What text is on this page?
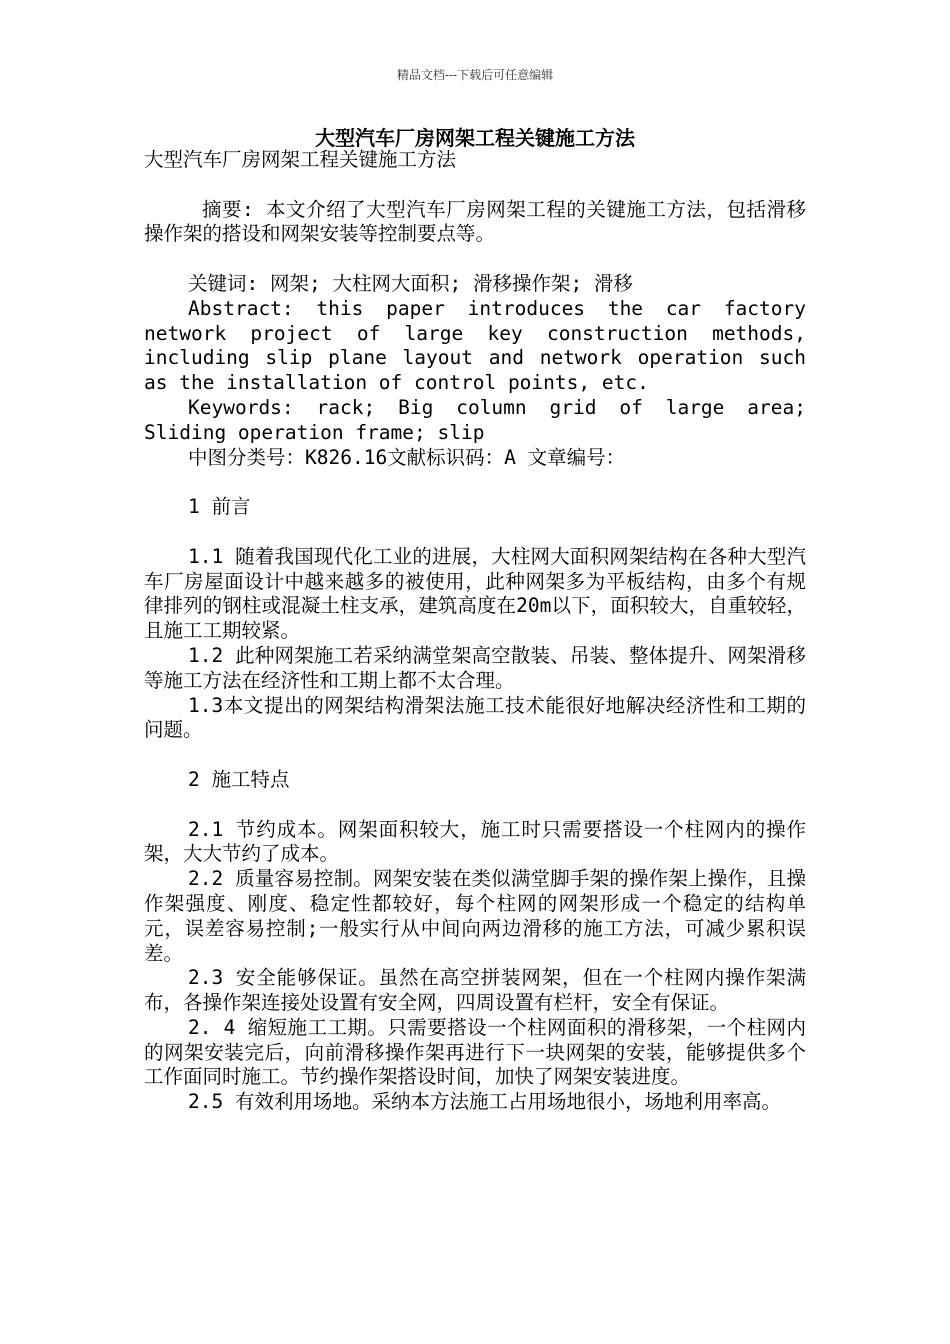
精品文档---下载后可任意编辑
大型汽车厂房网架工程关键施工方法

大型汽车厂房网架工程关键施工方法

摘要: 本文介绍了大型汽车厂房网架工程的关键施工方法，包括滑移操作架的搭设和网架安装等控制要点等。

关键词: 网架; 大柱网大面积; 滑移操作架; 滑移

Abstract: this paper introduces the car factory network project of large key construction methods, including slip plane layout and network operation such as the installation of control points, etc.

Keywords: rack; Big column grid of large area; Sliding operation frame; slip

中图分类号：K826.16文献标识码：A 文章编号：

1 前言

1.1 随着我国现代化工业的进展，大柱网大面积网架结构在各种大型汽车厂房屋面设计中越来越多的被使用，此种网架多为平板结构，由多个有规律排列的钢柱或混凝土柱支承，建筑高度在20m以下，面积较大，自重较轻，且施工工期较紧。

1.2 此种网架施工若采纳满堂架高空散装、吊装、整体提升、网架滑移等施工方法在经济性和工期上都不太合理。

1.3本文提出的网架结构滑架法施工技术能很好地解决经济性和工期的问题。

2 施工特点

2.1 节约成本。网架面积较大，施工时只需要搭设一个柱网内的操作架，大大节约了成本。

2.2 质量容易控制。网架安装在类似满堂脚手架的操作架上操作，且操作架强度、刚度、稳定性都较好，每个柱网的网架形成一个稳定的结构单元，误差容易控制;一般实行从中间向两边滑移的施工方法，可减少累积误差。

2.3 安全能够保证。虽然在高空拼装网架，但在一个柱网内操作架满布，各操作架连接处设置有安全网，四周设置有栏杆，安全有保证。

2. 4 缩短施工工期。只需要搭设一个柱网面积的滑移架，一个柱网内的网架安装完后，向前滑移操作架再进行下一块网架的安装，能够提供多个工作面同时施工。节约操作架搭设时间，加快了网架安装进度。

2.5 有效利用场地。采纳本方法施工占用场地很小，场地利用率高。
